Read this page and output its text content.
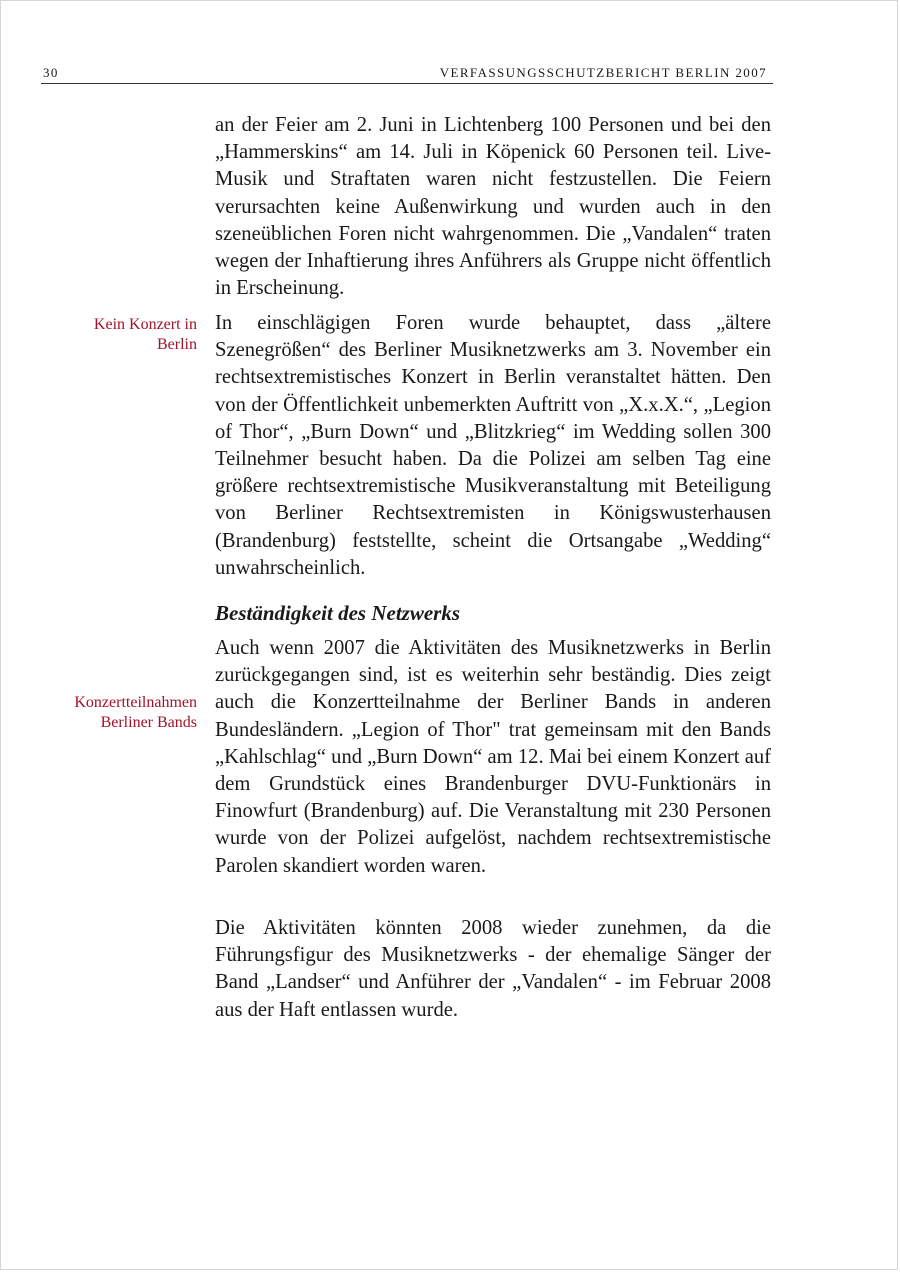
30	VERFASSUNGSSCHUTZBERICHT BERLIN 2007

an der Feier am 2. Juni in Lichtenberg 100 Personen und bei den „Hammerskins“ am 14. Juli in Köpenick 60 Personen teil. Live-Musik und Straftaten waren nicht festzustellen. Die Feiern verursachten keine Außenwirkung und wurden auch in den szeneüblichen Foren nicht wahrgenommen. Die „Vandalen“ traten wegen der Inhaftierung ihres Anführers als Gruppe nicht öffentlich in Erscheinung.

Kein Konzert in
Berlin

In einschlägigen Foren wurde behauptet, dass „ältere Szenegrößen“ des Berliner Musiknetzwerks am 3. November ein rechtsextremistisches Konzert in Berlin veranstaltet hätten. Den von der Öffentlichkeit unbemerkten Auftritt von „X.x.X.“, „Legion of Thor“, „Burn Down“ und „Blitzkrieg“ im Wedding sollen 300 Teilnehmer besucht haben. Da die Polizei am selben Tag eine größere rechtsextremistische Musikveranstaltung mit Beteiligung von Berliner Rechtsextremisten in Königswusterhausen (Brandenburg) feststellte, scheint die Ortsangabe „Wedding“ unwahrscheinlich.

Beständigkeit des Netzwerks
Konzertteilnahmen
Berliner Bands

Auch wenn 2007 die Aktivitäten des Musiknetzwerks in Berlin zurückgegangen sind, ist es weiterhin sehr beständig. Dies zeigt auch die Konzertteilnahme der Berliner Bands in anderen Bundesländern. „Legion of Thor" trat gemeinsam mit den Bands „Kahlschlag“ und „Burn Down“ am 12. Mai bei einem Konzert auf dem Grundstück eines Brandenburger DVU-Funktionärs in Finowfurt (Brandenburg) auf. Die Veranstaltung mit 230 Personen wurde von der Polizei aufgelöst, nachdem rechtsextremistische Parolen skandiert worden waren.

Die Aktivitäten könnten 2008 wieder zunehmen, da die Führungsfigur des Musiknetzwerks - der ehemalige Sänger der Band „Landser“ und Anführer der „Vandalen“ - im Februar 2008 aus der Haft entlassen wurde.
